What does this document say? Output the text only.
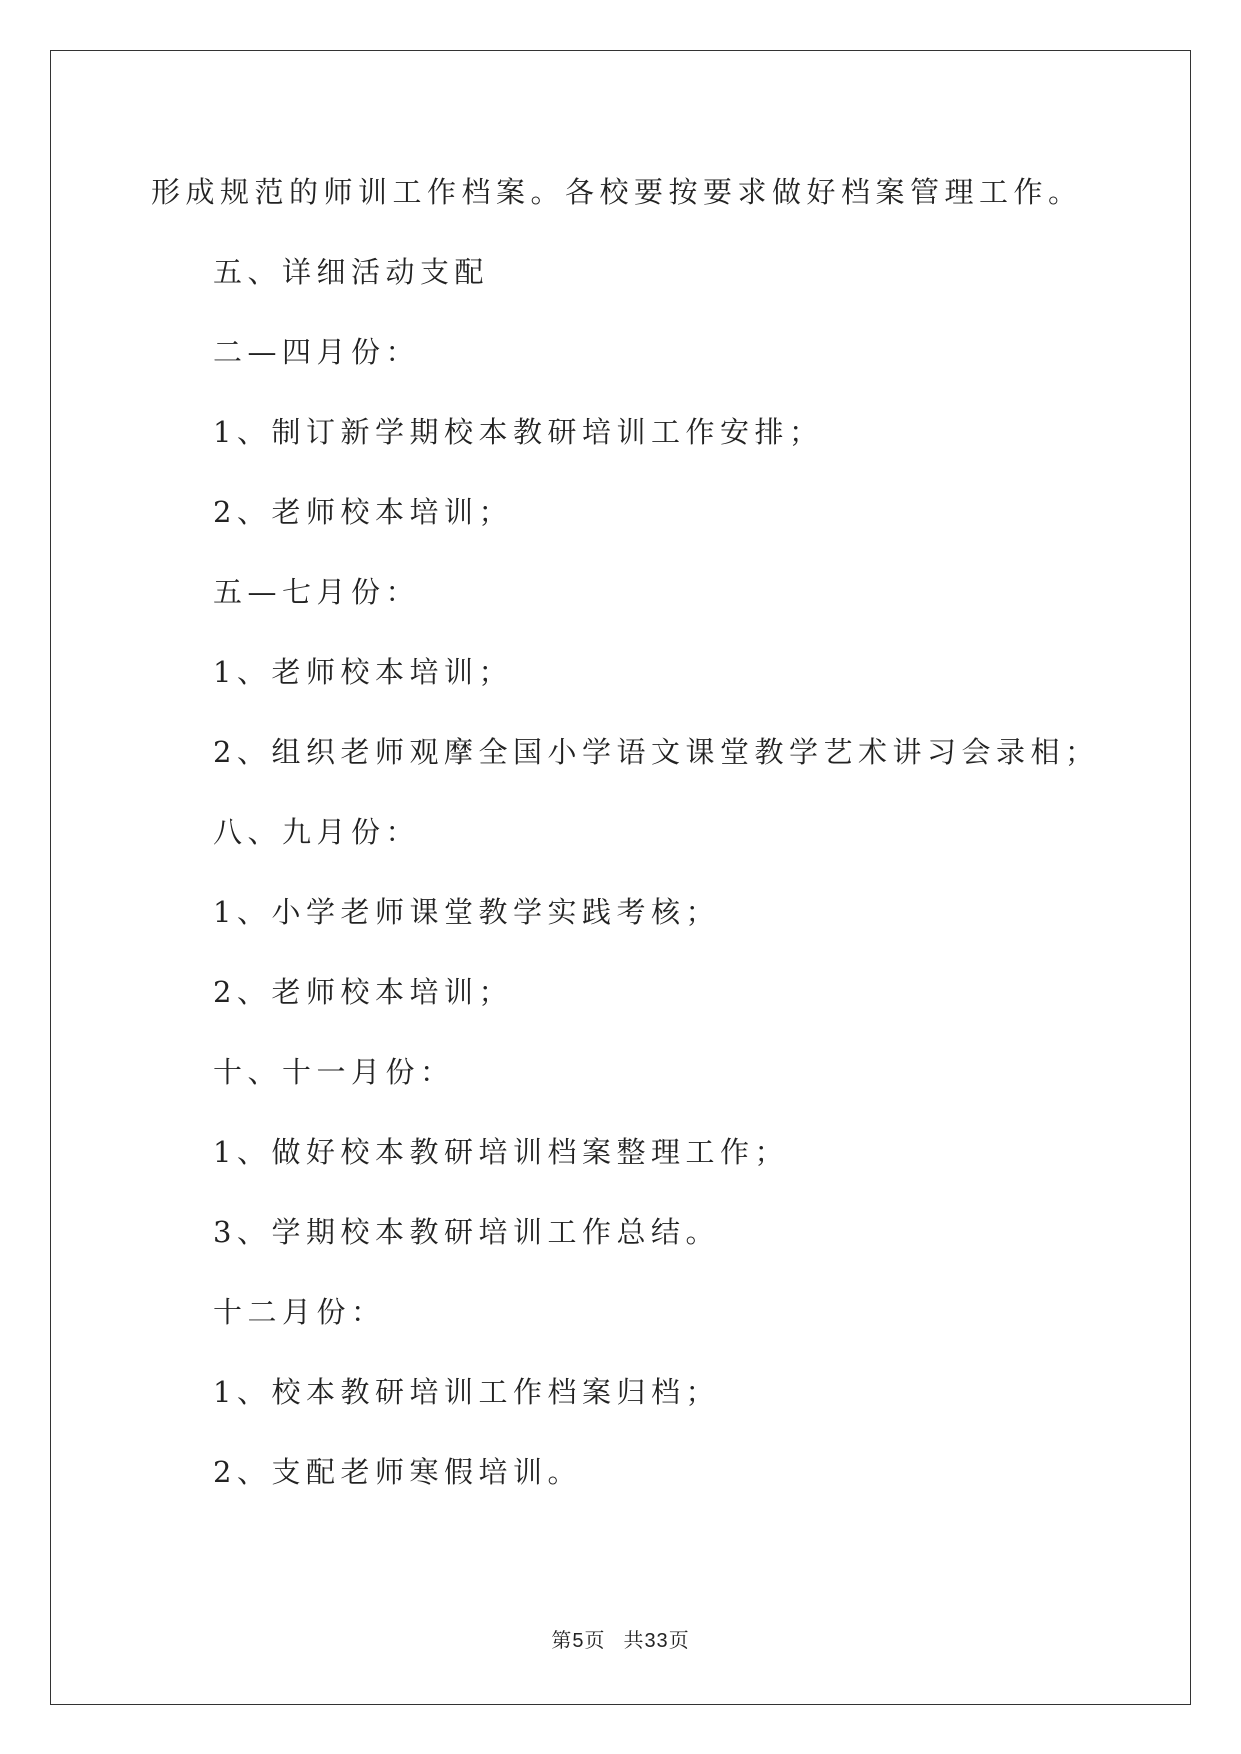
形成规范的师训工作档案。各校要按要求做好档案管理工作。
五、详细活动支配
二—四月份：
1、制订新学期校本教研培训工作安排；
2、老师校本培训；
五—七月份：
1、老师校本培训；
2、组织老师观摩全国小学语文课堂教学艺术讲习会录相；
八、九月份：
1、小学老师课堂教学实践考核；
2、老师校本培训；
十、十一月份：
1、做好校本教研培训档案整理工作；
3、学期校本教研培训工作总结。
十二月份：
1、校本教研培训工作档案归档；
2、支配老师寒假培训。
第5页 共33页
